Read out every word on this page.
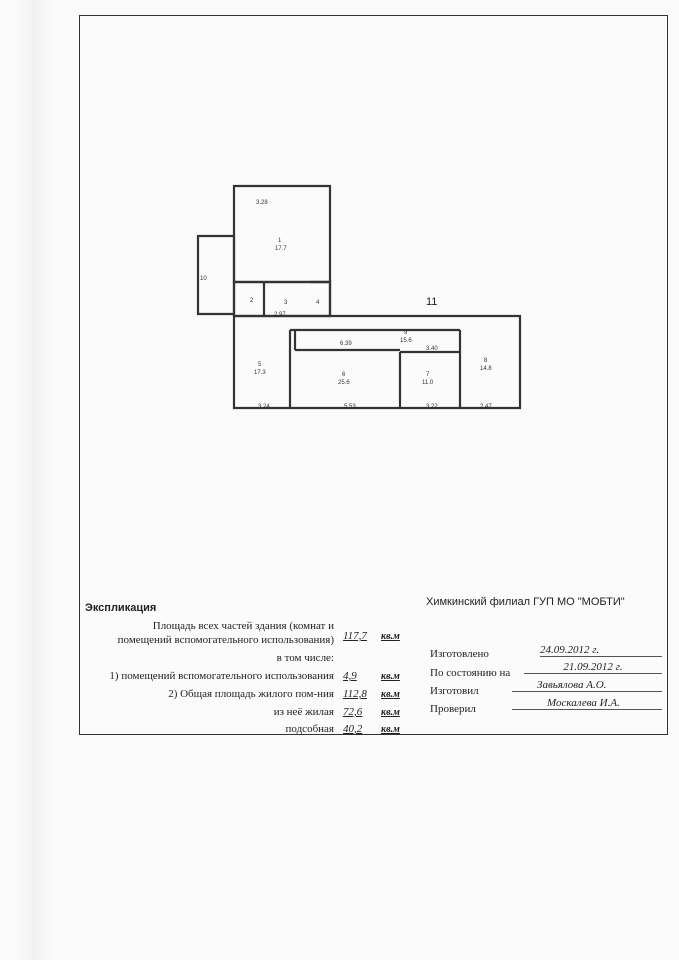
1
17.7
2	3	4
10
5
17.3	6
25.6
7
11.0
8
14.8
9
15.6
3.28
2.97
6.39
3.40
3.24	5.53	3.22	2.47
11
Экспликация	Химкинский филиал ГУП МО "МОБТИ"
Площадь всех частей здания (комнат и
помещений вспомогательного использования) 117,7 кв.м
в том числе:
1) помещений вспомогательного использования 4,9 кв.м
2) Общая площадь жилого пом-ния 112,8 кв.м
из неё жилая 72,6 кв.м
подсобная 40,2 кв.м
Изготовлено	24.09.2012 г.
По состоянию на	21.09.2012 г.
Изготовил	Завьялова А.О.
Проверил	Москалева И.А.
